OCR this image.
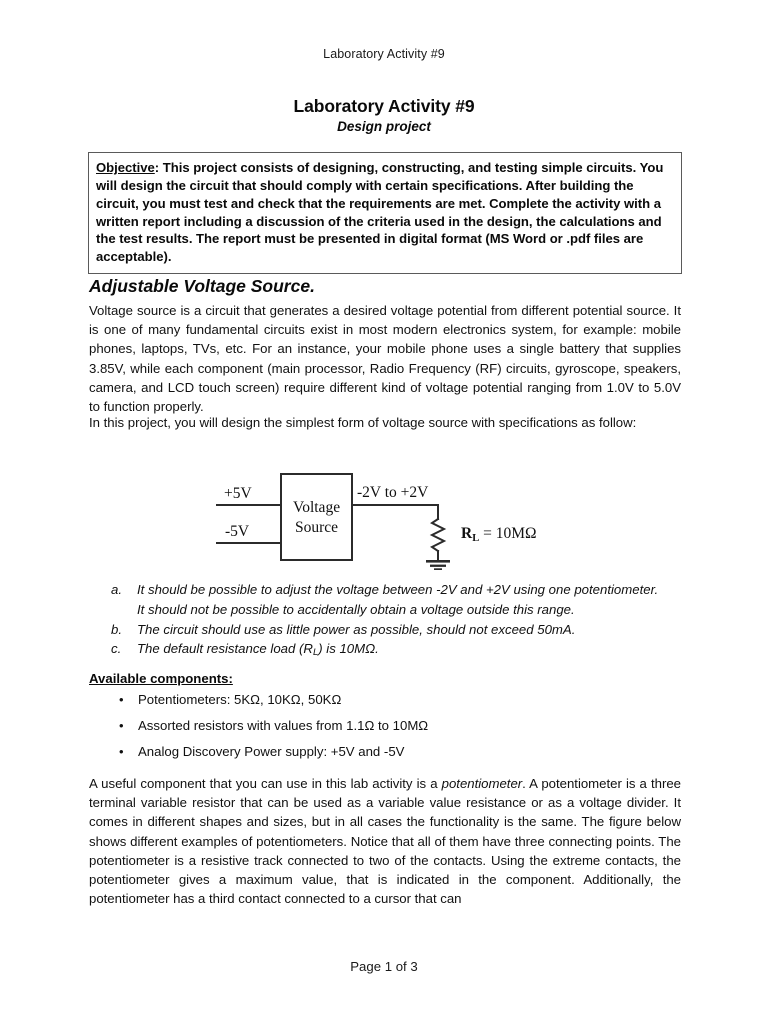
Laboratory Activity #9
Laboratory Activity #9
Design project
Objective: This project consists of designing, constructing, and testing simple circuits. You will design the circuit that should comply with certain specifications. After building the circuit, you must test and check that the requirements are met. Complete the activity with a written report including a discussion of the criteria used in the design, the calculations and the test results. The report must be presented in digital format (MS Word or .pdf files are acceptable).
Adjustable Voltage Source.
Voltage source is a circuit that generates a desired voltage potential from different potential source. It is one of many fundamental circuits exist in most modern electronics system, for example: mobile phones, laptops, TVs, etc. For an instance, your mobile phone uses a single battery that supplies 3.85V, while each component (main processor, Radio Frequency (RF) circuits, gyroscope, speakers, camera, and LCD touch screen) require different kind of voltage potential ranging from 1.0V to 5.0V to function properly.
In this project, you will design the simplest form of voltage source with specifications as follow:
+5V
-5V
Voltage
Source
-2V to +2V
RL = 10MΩ
a.	It should be possible to adjust the voltage between -2V and +2V using one potentiometer.
It should not be possible to accidentally obtain a voltage outside this range.
b.	The circuit should use as little power as possible, should not exceed 50mA.
c.	The default resistance load $(R_L)$ is 10MΩ.
Available components:
•	Potentiometers: 5KΩ, 10KΩ, 50KΩ
•	Assorted resistors with values from 1.1Ω to 10MΩ
•	Analog Discovery Power supply: +5V and -5V
A useful component that you can use in this lab activity is a potentiometer. A potentiometer is a three terminal variable resistor that can be used as a variable value resistance or as a voltage divider. It comes in different shapes and sizes, but in all cases the functionality is the same. The figure below shows different examples of potentiometers. Notice that all of them have three connecting points. The potentiometer is a resistive track connected to two of the contacts. Using the extreme contacts, the potentiometer gives a maximum value, that is indicated in the component. Additionally, the potentiometer has a third contact connected to a cursor that can
Page 1 of 3
